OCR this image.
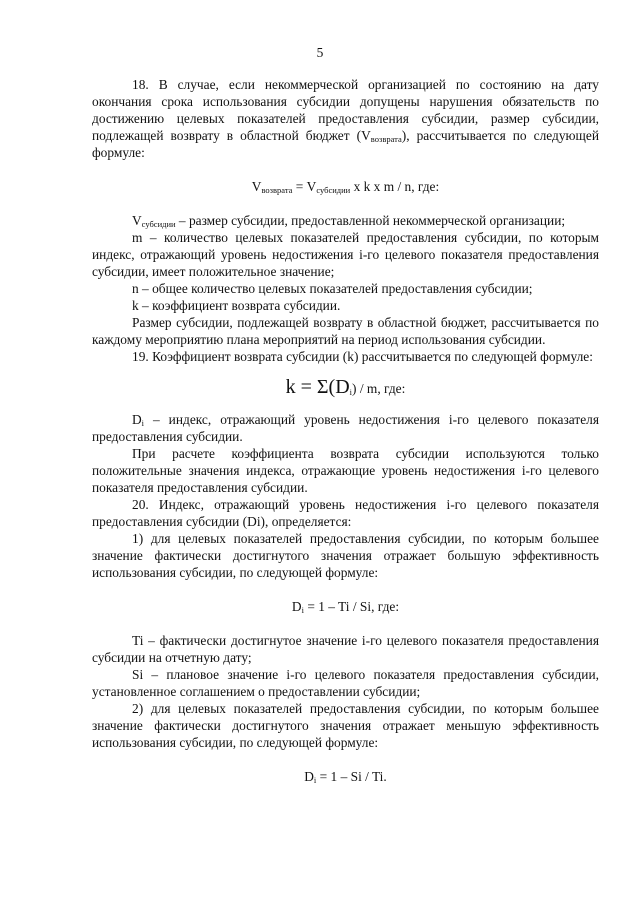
5

18. В случае, если некоммерческой организацией по состоянию на дату окончания срока использования субсидии допущены нарушения обязательств по достижению целевых показателей предоставления субсидии, размер субсидии, подлежащей возврату в областной бюджет $(V_{возврата})$, рассчитывается по следующей формуле:

$V_{возврата} = V_{субсидии}$ x k x m / n, где:

$V_{субсидии}$ – размер субсидии, предоставленной некоммерческой организации;

m – количество целевых показателей предоставления субсидии, по которым индекс, отражающий уровень недостижения i-го целевого показателя предоставления субсидии, имеет положительное значение;

n – общее количество целевых показателей предоставления субсидии;

k – коэффициент возврата субсидии.

Размер субсидии, подлежащей возврату в областной бюджет, рассчитывается по каждому мероприятию плана мероприятий на период использования субсидии.

19. Коэффициент возврата субсидии (k) рассчитывается по следующей формуле:

$k = \Sigma(D_i) / m$, где:

$D_i$ – индекс, отражающий уровень недостижения i-го целевого показателя предоставления субсидии.

При расчете коэффициента возврата субсидии используются только положительные значения индекса, отражающие уровень недостижения i-го целевого показателя предоставления субсидии.

20. Индекс, отражающий уровень недостижения i-го целевого показателя предоставления субсидии (Di), определяется:

1) для целевых показателей предоставления субсидии, по которым большее значение фактически достигнутого значения отражает большую эффективность использования субсидии, по следующей формуле:

$D_i = 1 - Ti / Si$, где:

Ti – фактически достигнутое значение i-го целевого показателя предоставления субсидии на отчетную дату;

Si – плановое значение i-го целевого показателя предоставления субсидии, установленное соглашением о предоставлении субсидии;

2) для целевых показателей предоставления субсидии, по которым большее значение фактически достигнутого значения отражает меньшую эффективность использования субсидии, по следующей формуле:

$D_i = 1 - Si / Ti$.
